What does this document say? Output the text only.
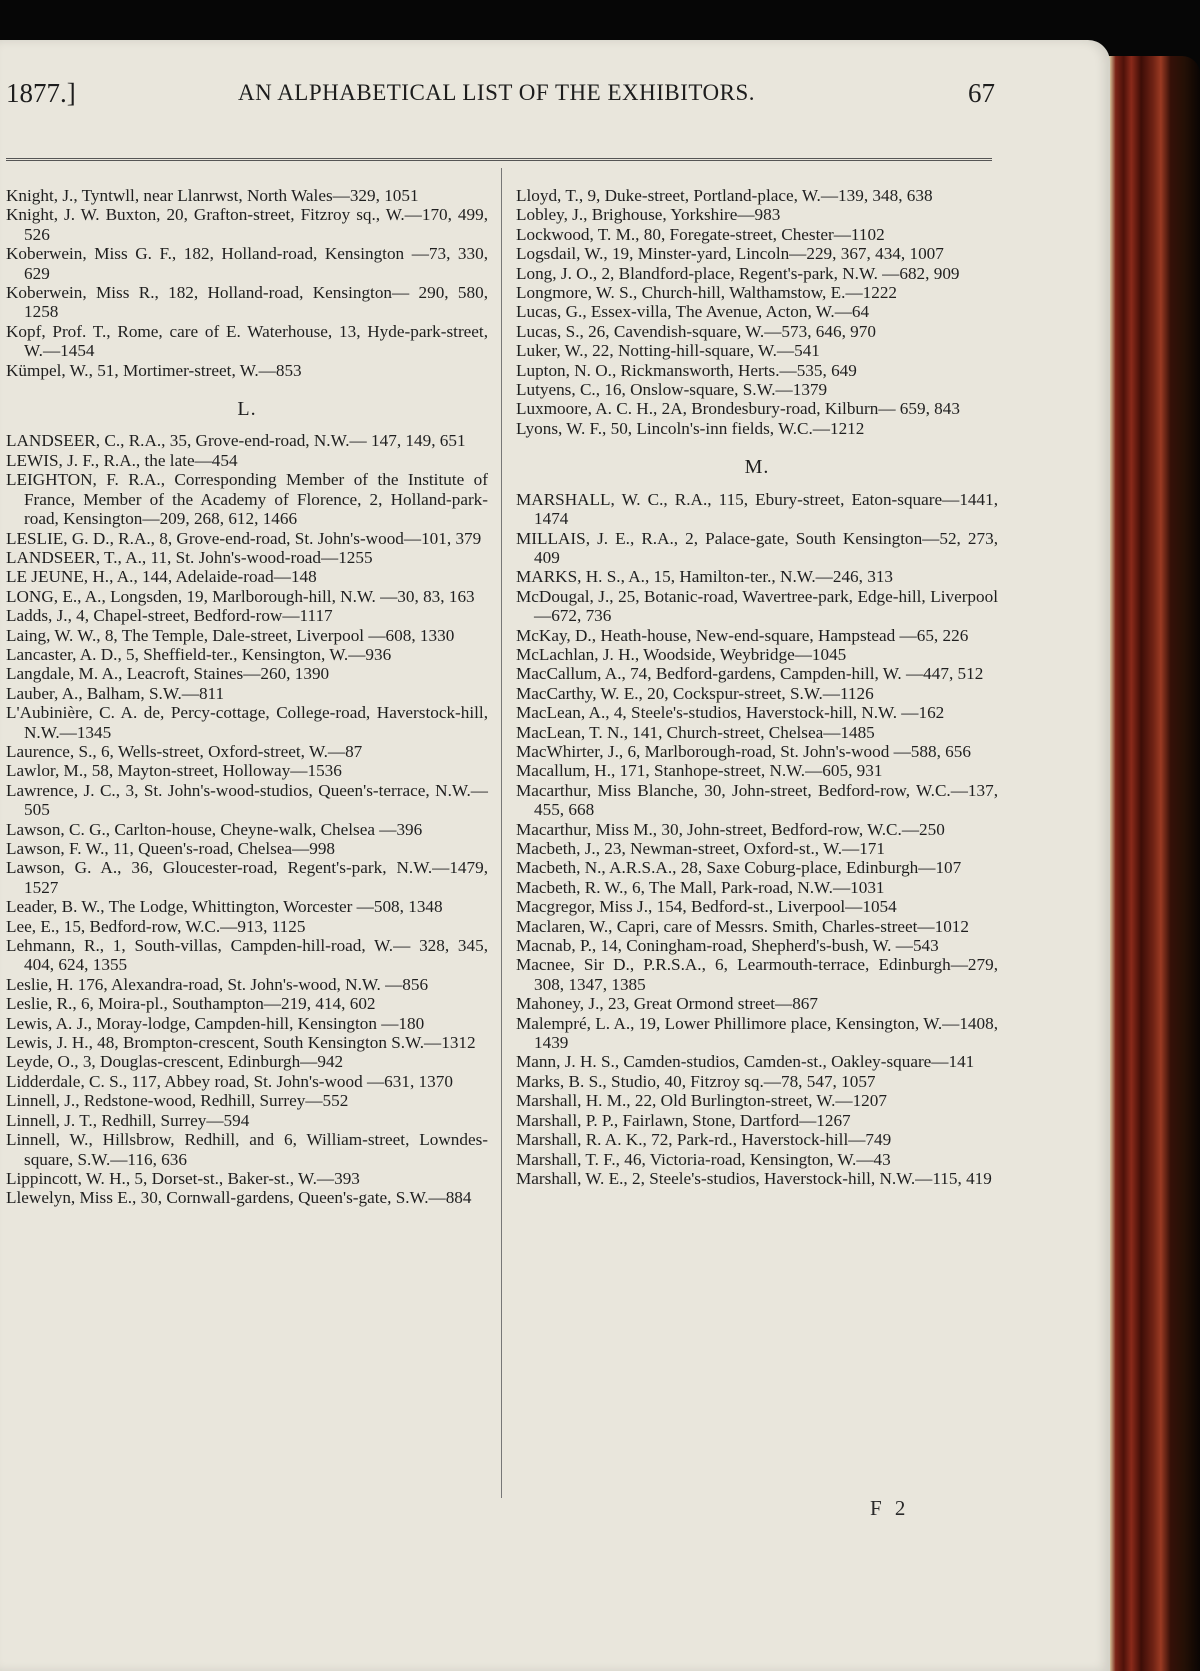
1877.]	AN ALPHABETICAL LIST OF THE EXHIBITORS.	67

Knight, J., Tyntwll, near Llanrwst, North Wales—329, 1051

Knight, J. W. Buxton, 20, Grafton-street, Fitzroy sq., W.—170, 499, 526

Koberwein, Miss G. F., 182, Holland-road, Kensington —73, 330, 629

Koberwein, Miss R., 182, Holland-road, Kensington— 290, 580, 1258

Kopf, Prof. T., Rome, care of E. Waterhouse, 13, Hyde-park-street, W.—1454

Kümpel, W., 51, Mortimer-street, W.—853

L.

LANDSEER, C., R.A., 35, Grove-end-road, N.W.— 147, 149, 651

LEWIS, J. F., R.A., the late—454

LEIGHTON, F. R.A., Corresponding Member of the Institute of France, Member of the Academy of Florence, 2, Holland-park-road, Kensington—209, 268, 612, 1466

LESLIE, G. D., R.A., 8, Grove-end-road, St. John's-wood—101, 379

LANDSEER, T., A., 11, St. John's-wood-road—1255

LE JEUNE, H., A., 144, Adelaide-road—148

LONG, E., A., Longsden, 19, Marlborough-hill, N.W. —30, 83, 163

Ladds, J., 4, Chapel-street, Bedford-row—1117

Laing, W. W., 8, The Temple, Dale-street, Liverpool —608, 1330

Lancaster, A. D., 5, Sheffield-ter., Kensington, W.—936

Langdale, M. A., Leacroft, Staines—260, 1390

Lauber, A., Balham, S.W.—811

L'Aubinière, C. A. de, Percy-cottage, College-road, Haverstock-hill, N.W.—1345

Laurence, S., 6, Wells-street, Oxford-street, W.—87

Lawlor, M., 58, Mayton-street, Holloway—1536

Lawrence, J. C., 3, St. John's-wood-studios, Queen's-terrace, N.W.—505

Lawson, C. G., Carlton-house, Cheyne-walk, Chelsea —396

Lawson, F. W., 11, Queen's-road, Chelsea—998

Lawson, G. A., 36, Gloucester-road, Regent's-park, N.W.—1479, 1527

Leader, B. W., The Lodge, Whittington, Worcester —508, 1348

Lee, E., 15, Bedford-row, W.C.—913, 1125

Lehmann, R., 1, South-villas, Campden-hill-road, W.— 328, 345, 404, 624, 1355

Leslie, H. 176, Alexandra-road, St. John's-wood, N.W. —856

Leslie, R., 6, Moira-pl., Southampton—219, 414, 602

Lewis, A. J., Moray-lodge, Campden-hill, Kensington —180

Lewis, J. H., 48, Brompton-crescent, South Kensington S.W.—1312

Leyde, O., 3, Douglas-crescent, Edinburgh—942

Lidderdale, C. S., 117, Abbey road, St. John's-wood —631, 1370

Linnell, J., Redstone-wood, Redhill, Surrey—552

Linnell, J. T., Redhill, Surrey—594

Linnell, W., Hillsbrow, Redhill, and 6, William-street, Lowndes-square, S.W.—116, 636

Lippincott, W. H., 5, Dorset-st., Baker-st., W.—393

Llewelyn, Miss E., 30, Cornwall-gardens, Queen's-gate, S.W.—884

Lloyd, T., 9, Duke-street, Portland-place, W.—139, 348, 638

Lobley, J., Brighouse, Yorkshire—983

Lockwood, T. M., 80, Foregate-street, Chester—1102

Logsdail, W., 19, Minster-yard, Lincoln—229, 367, 434, 1007

Long, J. O., 2, Blandford-place, Regent's-park, N.W. —682, 909

Longmore, W. S., Church-hill, Walthamstow, E.—1222

Lucas, G., Essex-villa, The Avenue, Acton, W.—64

Lucas, S., 26, Cavendish-square, W.—573, 646, 970

Luker, W., 22, Notting-hill-square, W.—541

Lupton, N. O., Rickmansworth, Herts.—535, 649

Lutyens, C., 16, Onslow-square, S.W.—1379

Luxmoore, A. C. H., 2A, Brondesbury-road, Kilburn— 659, 843

Lyons, W. F., 50, Lincoln's-inn fields, W.C.—1212

M.

MARSHALL, W. C., R.A., 115, Ebury-street, Eaton-square—1441, 1474

MILLAIS, J. E., R.A., 2, Palace-gate, South Kensington—52, 273, 409

MARKS, H. S., A., 15, Hamilton-ter., N.W.—246, 313

McDougal, J., 25, Botanic-road, Wavertree-park, Edge-hill, Liverpool—672, 736

McKay, D., Heath-house, New-end-square, Hampstead —65, 226

McLachlan, J. H., Woodside, Weybridge—1045

MacCallum, A., 74, Bedford-gardens, Campden-hill, W. —447, 512

MacCarthy, W. E., 20, Cockspur-street, S.W.—1126

MacLean, A., 4, Steele's-studios, Haverstock-hill, N.W. —162

MacLean, T. N., 141, Church-street, Chelsea—1485

MacWhirter, J., 6, Marlborough-road, St. John's-wood —588, 656

Macallum, H., 171, Stanhope-street, N.W.—605, 931

Macarthur, Miss Blanche, 30, John-street, Bedford-row, W.C.—137, 455, 668

Macarthur, Miss M., 30, John-street, Bedford-row, W.C.—250

Macbeth, J., 23, Newman-street, Oxford-st., W.—171

Macbeth, N., A.R.S.A., 28, Saxe Coburg-place, Edinburgh—107

Macbeth, R. W., 6, The Mall, Park-road, N.W.—1031

Macgregor, Miss J., 154, Bedford-st., Liverpool—1054

Maclaren, W., Capri, care of Messrs. Smith, Charles-street—1012

Macnab, P., 14, Coningham-road, Shepherd's-bush, W. —543

Macnee, Sir D., P.R.S.A., 6, Learmouth-terrace, Edinburgh—279, 308, 1347, 1385

Mahoney, J., 23, Great Ormond street—867

Malempré, L. A., 19, Lower Phillimore place, Kensington, W.—1408, 1439

Mann, J. H. S., Camden-studios, Camden-st., Oakley-square—141

Marks, B. S., Studio, 40, Fitzroy sq.—78, 547, 1057

Marshall, H. M., 22, Old Burlington-street, W.—1207

Marshall, P. P., Fairlawn, Stone, Dartford—1267

Marshall, R. A. K., 72, Park-rd., Haverstock-hill—749

Marshall, T. F., 46, Victoria-road, Kensington, W.—43

Marshall, W. E., 2, Steele's-studios, Haverstock-hill, N.W.—115, 419

F 2
